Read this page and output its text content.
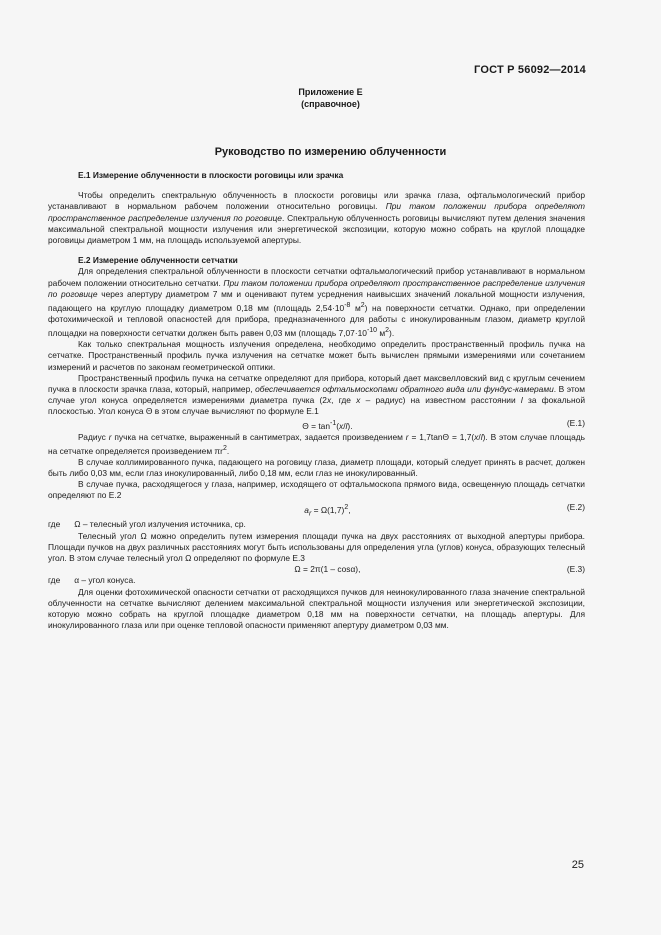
ГОСТ Р 56092—2014
Приложение Е
(справочное)
Руководство по измерению облученности

Е.1 Измерение облученности в плоскости роговицы или зрачка

Чтобы определить спектральную облученность в плоскости роговицы или зрачка глаза, офтальмологический прибор устанавливают в нормальном рабочем положении относительно роговицы. При таком положении прибора определяют пространственное распределение излучения по роговице. Спектральную облученность роговицы вычисляют путем деления значения максимальной спектральной мощности излучения или энергетической экспозиции, которую можно собрать на круглой площадке роговицы диаметром 1 мм, на площадь используемой апертуры.

Е.2 Измерение облученности сетчатки

Для определения спектральной облученности в плоскости сетчатки офтальмологический прибор устанавливают в нормальном рабочем положении относительно сетчатки. При таком положении прибора определяют пространственное распределение излучения по роговице через апертуру диаметром 7 мм и оценивают путем усреднения наивысших значений локальной мощности излучения, падающего на круглую площадку диаметром 0,18 мм (площадь $2,54\cdot 10^{-8}$ $м^2$) на поверхности сетчатки. Однако, при определении фотохимической и тепловой опасностей для прибора, предназначенного для работы с инокулированным глазом, диаметр круглой площадки на поверхности сетчатки должен быть равен 0,03 мм (площадь $7,07\cdot 10^{-10}$ $м^2$).

Как только спектральная мощность излучения определена, необходимо определить пространственный профиль пучка на сетчатке. Пространственный профиль пучка излучения на сетчатке может быть вычислен прямыми измерениями или сочетанием измерений и расчетов по законам геометрической оптики.

Пространственный профиль пучка на сетчатке определяют для прибора, который дает максвелловский вид с круглым сечением пучка в плоскости зрачка глаза, который, например, обеспечивается офтальмоскопами обратного вида или фундус-камерами. В этом случае угол конуса определяется измерениями диаметра пучка (2x, где x – радиус) на известном расстоянии l за фокальной плоскостью. Угол конуса Θ в этом случае вычисляют по формуле Е.1

$\Theta = \tan^{-1}(x/l)$.	(Е.1)

Радиус r пучка на сетчатке, выраженный в сантиметрах, задается произведением r = 1,7tanΘ = 1,7(x/l). В этом случае площадь на сетчатке определяется произведением $\pi r^2$.

В случае коллимированного пучка, падающего на роговицу глаза, диаметр площади, который следует принять в расчет, должен быть либо 0,03 мм, если глаз инокулированный, либо 0,18 мм, если глаз не инокулированный.

В случае пучка, расходящегося у глаза, например, исходящего от офтальмоскопа прямого вида, освещенную площадь сетчатки определяют по Е.2

$a_r = \Omega(1,7)^2$,	(Е.2)

где Ω – телесный угол излучения источника, ср.

Телесный угол Ω можно определить путем измерения площади пучка на двух расстояниях от выходной апертуры прибора. Площади пучков на двух различных расстояниях могут быть использованы для определения угла (углов) конуса, образующих телесный угол. В этом случае телесный угол Ω определяют по формуле Е.3

Ω = 2π(1 – cosα),	(Е.3)

где α – угол конуса.

Для оценки фотохимической опасности сетчатки от расходящихся пучков для неинокулированного глаза значение спектральной облученности на сетчатке вычисляют делением максимальной спектральной мощности излучения или энергетической экспозиции, которую можно собрать на круглой площадке диаметром 0,18 мм на поверхности сетчатки, на площадь апертуры. Для инокулированного глаза или при оценке тепловой опасности применяют апертуру диаметром 0,03 мм.

25
